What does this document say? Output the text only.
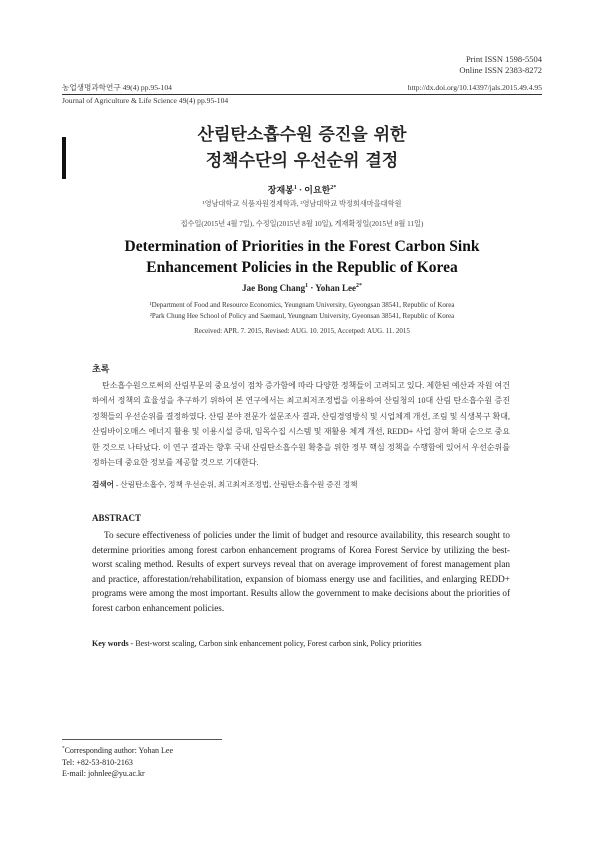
Print ISSN 1598-5504
Online ISSN 2383-8272
농업생명과학연구 49(4) pp.95-104	http://dx.doi.org/10.14397/jals.2015.49.4.95
Journal of Agriculture & Life Science 49(4) pp.95-104
산림탄소흡수원 증진을 위한
정책수단의 우선순위 결정
장재봉$^1$ · 이요한$^{2*}$
¹영남대학교 식품자원경제학과, ²영남대학교 박정희새마을대학원
접수일(2015년 4월 7일), 수정일(2015년 8월 10일), 게재확정일(2015년 8월 11일)
Determination of Priorities in the Forest Carbon Sink
Enhancement Policies in the Republic of Korea
Jae Bong Chang$^1$ · Yohan Lee$^{2*}$
¹Department of Food and Resource Economics, Yeungnam University, Gyeongsan 38541, Republic of Korea
²Park Chung Hee School of Policy and Saemaul, Yeungnam University, Gyeonsan 38541, Republic of Korea
Received: APR. 7. 2015, Revised: AUG. 10. 2015, Accetped: AUG. 11. 2015
초록
탄소흡수원으로써의 산림부문의 중요성이 점차 증가함에 따라 다양한 정책들이 고려되고 있다. 제한된 예산과 자원 여건 하에서 정책의 효율성을 추구하기 위하여 본 연구에서는 최고최저조정법을 이용하여 산림청의 10대 산림 탄소흡수원 증진 정책들의 우선순위를 결정하였다. 산림 분야 전문가 설문조사 결과, 산림경영방식 및 시업체계 개선, 조림 및 식생복구 확대, 산림바이오매스 에너지 활용 및 이용시설 증대, 임목수집 시스템 및 재활용 체계 개선, REDD+ 사업 참여 확대 순으로 중요한 것으로 나타났다. 이 연구 결과는 향후 국내 산림탄소흡수원 확충을 위한 정부 핵심 정책을 수행함에 있어서 우선순위를 정하는데 중요한 정보를 제공할 것으로 기대한다.
검색어 - 산림탄소흡수, 정책 우선순위, 최고최저조정법, 산림탄소흡수원 증진 정책
ABSTRACT
To secure effectiveness of policies under the limit of budget and resource availability, this research sought to determine priorities among forest carbon enhancement programs of Korea Forest Service by utilizing the best-worst scaling method. Results of expert surveys reveal that on average improvement of forest management plan and practice, afforestation/rehabilitation, expansion of biomass energy use and facilities, and enlarging REDD+ programs were among the most important. Results allow the government to make decisions about the priorities of forest carbon enhancement policies.
Key words - Best-worst scaling, Carbon sink enhancement policy, Forest carbon sink, Policy priorities
*Corresponding author: Yohan Lee
Tel: +82-53-810-2163
E-mail: johnlee@yu.ac.kr
